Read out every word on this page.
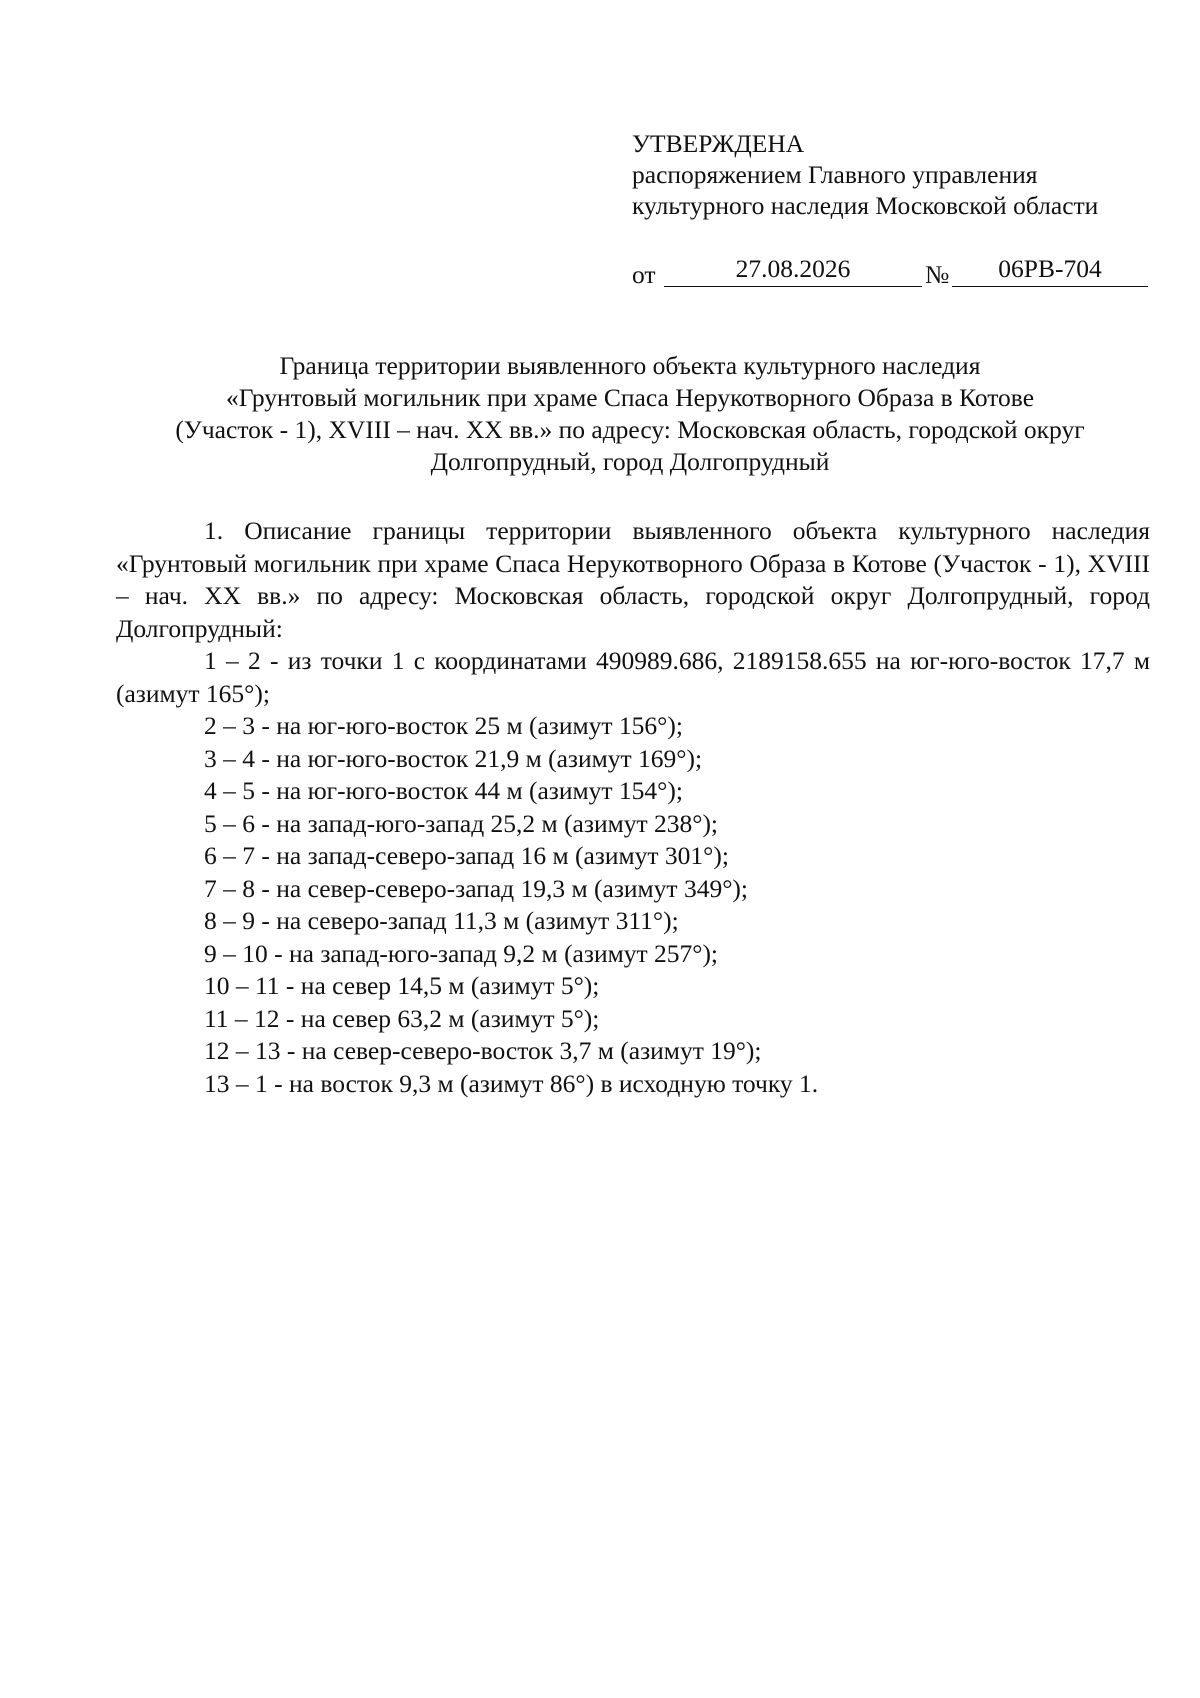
УТВЕРЖДЕНА
распоряжением Главного управления
культурного наследия Московской области
от	27.08.2026	№	06РВ-704
Граница территории выявленного объекта культурного наследия
«Грунтовый могильник при храме Спаса Нерукотворного Образа в Котове
(Участок - 1), XVIII – нач. XX вв.» по адресу: Московская область, городской округ
Долгопрудный, город Долгопрудный

1. Описание границы территории выявленного объекта культурного наследия «Грунтовый могильник при храме Спаса Нерукотворного Образа в Котове (Участок - 1), XVIII – нач. XX вв.» по адресу: Московская область, городской округ Долгопрудный, город Долгопрудный:

1 – 2 - из точки 1 с координатами 490989.686, 2189158.655 на юг-юго-восток 17,7 м (азимут 165°);

2 – 3 - на юг-юго-восток 25 м (азимут 156°);

3 – 4 - на юг-юго-восток 21,9 м (азимут 169°);

4 – 5 - на юг-юго-восток 44 м (азимут 154°);

5 – 6 - на запад-юго-запад 25,2 м (азимут 238°);

6 – 7 - на запад-северо-запад 16 м (азимут 301°);

7 – 8 - на север-северо-запад 19,3 м (азимут 349°);

8 – 9 - на северо-запад 11,3 м (азимут 311°);

9 – 10 - на запад-юго-запад 9,2 м (азимут 257°);

10 – 11 - на север 14,5 м (азимут 5°);

11 – 12 - на север 63,2 м (азимут 5°);

12 – 13 - на север-северо-восток 3,7 м (азимут 19°);

13 – 1 - на восток 9,3 м (азимут 86°) в исходную точку 1.
